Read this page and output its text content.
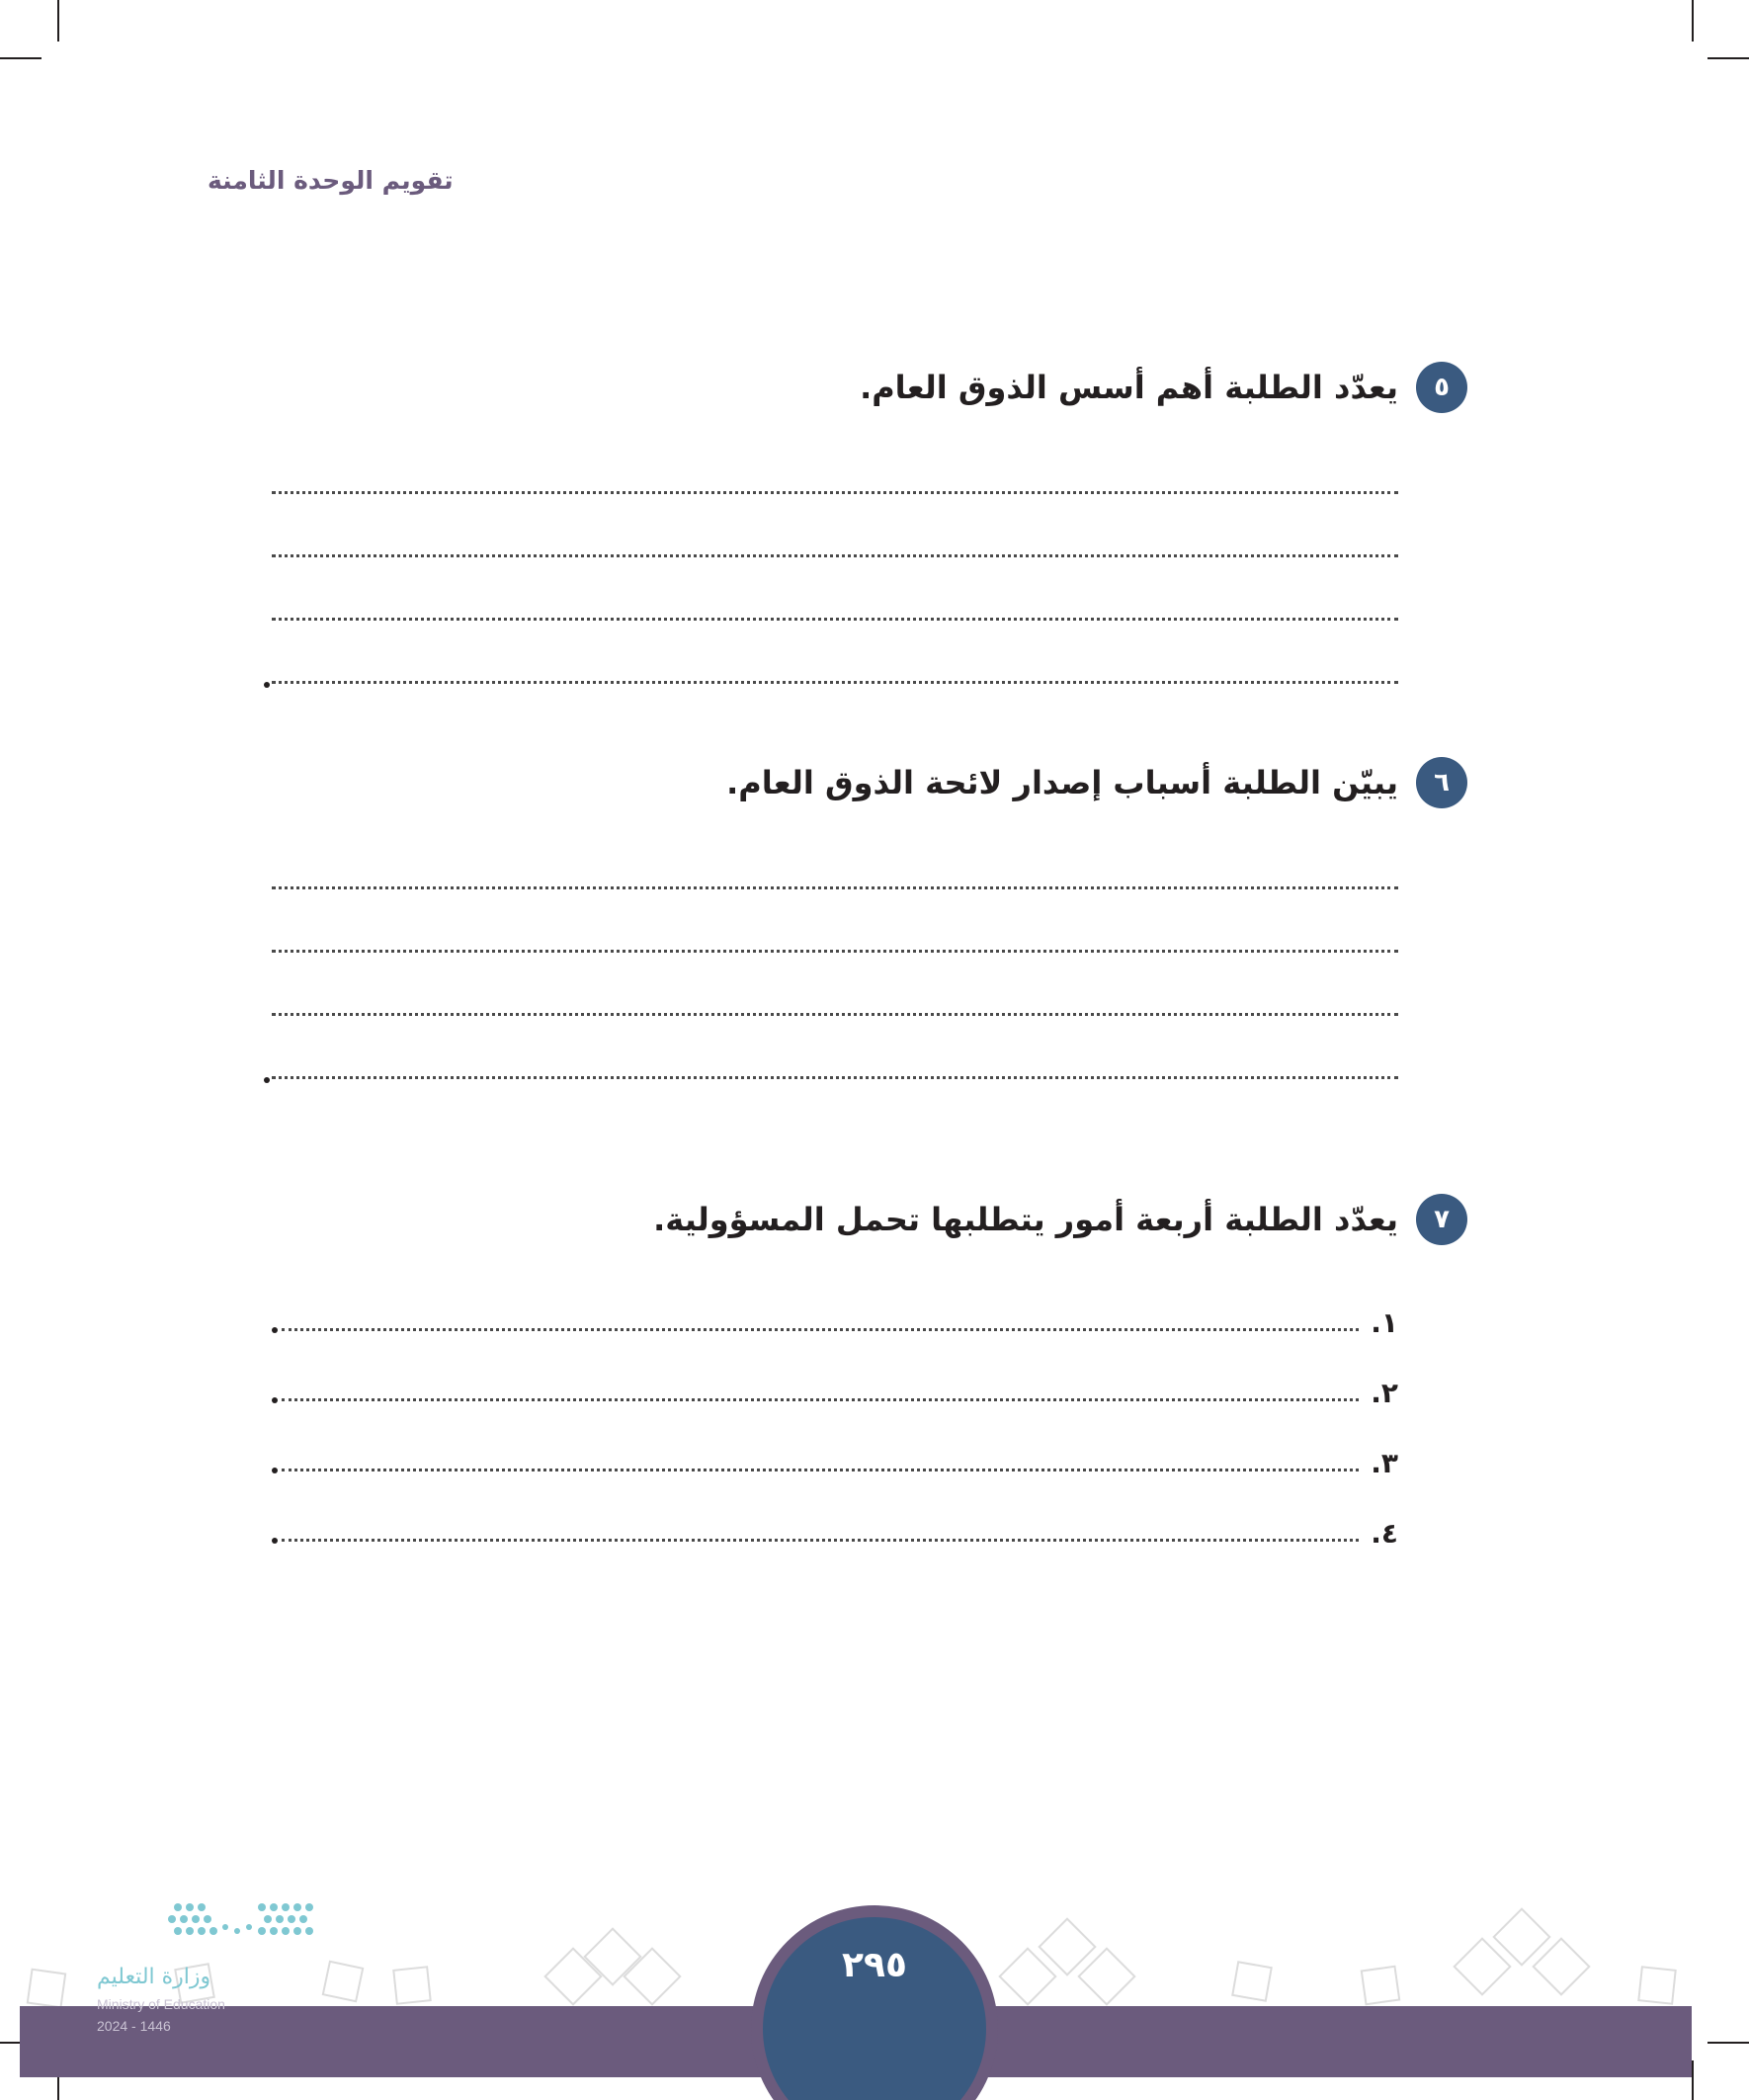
تقويم الوحدة الثامنة
٥
يعدّد الطلبة أهم أسس الذوق العام.
٦
يبيّن الطلبة أسباب إصدار لائحة الذوق العام.
٧
يعدّد الطلبة أربعة أمور يتطلبها تحمل المسؤولية.
١.
٢.
٣.
٤.
٢٩٥
وزارة التعليم
Ministry of Education
2024 - 1446
